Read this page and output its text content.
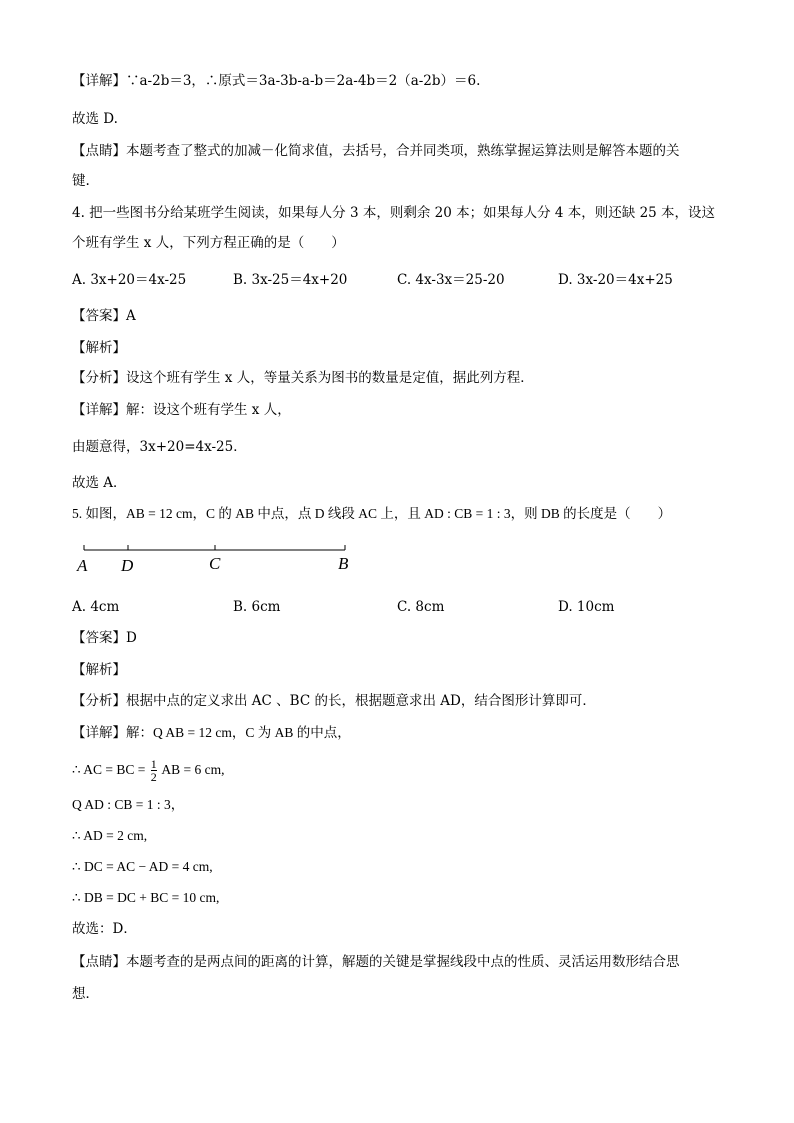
【详解】∵a-2b＝3，∴原式＝3a-3b-a-b＝2a-4b＝2（a-2b）＝6.
故选 D.
【点睛】本题考查了整式的加减－化简求值，去括号，合并同类项，熟练掌握运算法则是解答本题的关
键.
4. 把一些图书分给某班学生阅读，如果每人分 3 本，则剩余 20 本；如果每人分 4 本，则还缺 25 本，设这
个班有学生 x 人，下列方程正确的是（　　）
A. 3x+20＝4x-25	B. 3x-25＝4x+20	C. 4x-3x＝25-20	D. 3x-20＝4x+25
【答案】A
【解析】
【分析】设这个班有学生 x 人，等量关系为图书的数量是定值，据此列方程．
【详解】解：设这个班有学生 x 人，
由题意得，3x+20=4x-25．
故选 A．
5. 如图，AB = 12 cm，C 的 AB 中点，点 D 线段 AC 上，且 AD : CB = 1 : 3，则 DB 的长度是（　　）
A D	C	B
A. 4cm	B. 6cm	C. 8cm	D. 10cm
【答案】D
【解析】
【分析】根据中点的定义求出 AC 、BC 的长，根据题意求出 AD，结合图形计算即可．
【详解】解：Q AB = 12 cm，C 为 AB 的中点，
∴ AC = BC = $\frac{1}{2}$ AB = 6 cm,
Q AD : CB = 1 : 3，
∴ AD = 2 cm,
∴ DC = AC − AD = 4 cm,
∴ DB = DC + BC = 10 cm,
故选：D．
【点睛】本题考查的是两点间的距离的计算，解题的关键是掌握线段中点的性质、灵活运用数形结合思
想．
